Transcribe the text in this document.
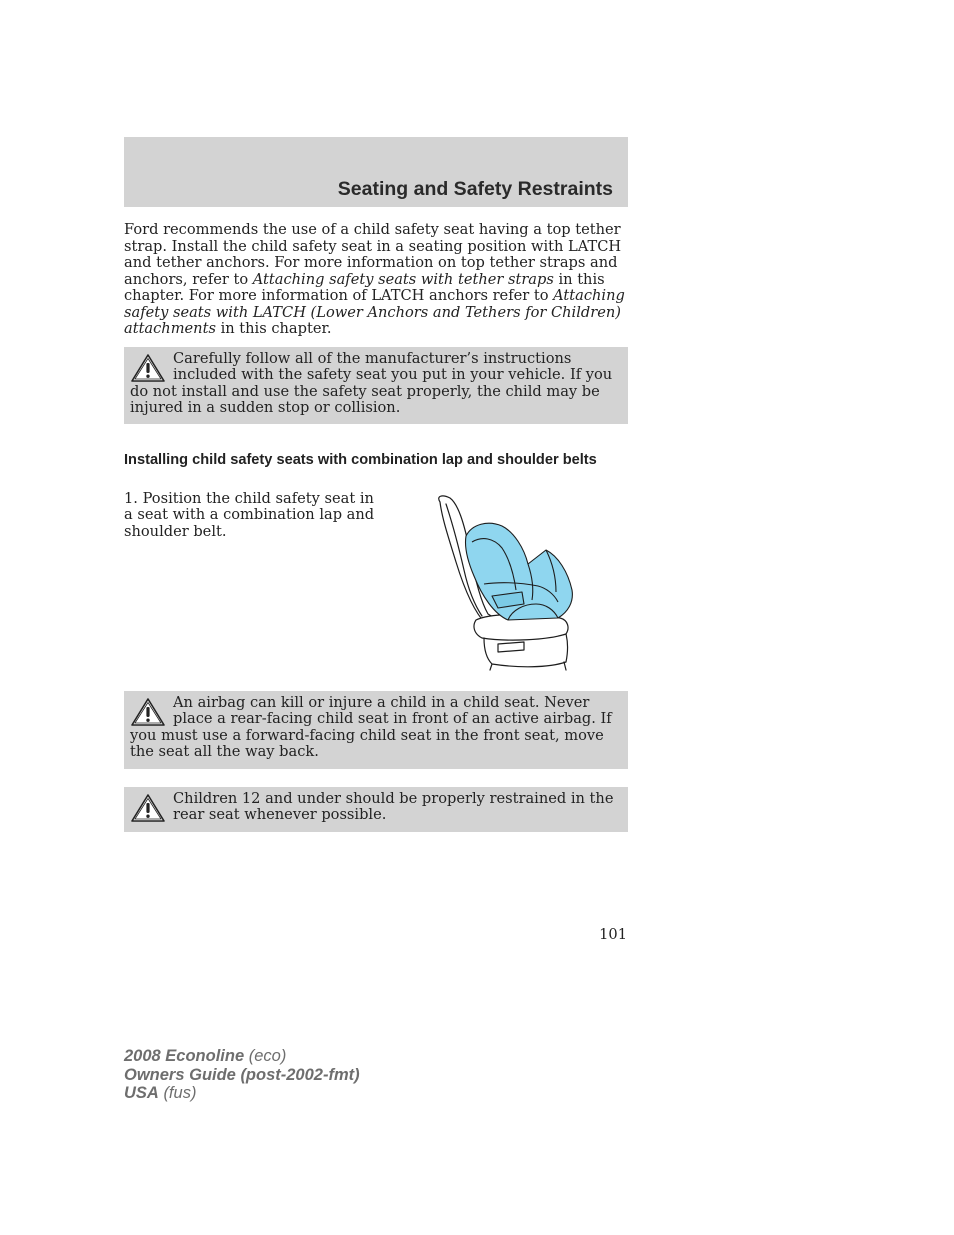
Seating and Safety Restraints

Ford recommends the use of a child safety seat having a top tether strap. Install the child safety seat in a seating position with LATCH and tether anchors. For more information on top tether straps and anchors, refer to Attaching safety seats with tether straps in this chapter. For more information of LATCH anchors refer to Attaching safety seats with LATCH (Lower Anchors and Tethers for Children) attachments in this chapter.

Carefully follow all of the manufacturer’s instructions included with the safety seat you put in your vehicle. If you do not install and use the safety seat properly, the child may be injured in a sudden stop or collision.

Installing child safety seats with combination lap and shoulder belts

1. Position the child safety seat in a seat with a combination lap and shoulder belt.

An airbag can kill or injure a child in a child seat. Never place a rear-facing child seat in front of an active airbag. If you must use a forward-facing child seat in the front seat, move the seat all the way back.

Children 12 and under should be properly restrained in the rear seat whenever possible.

101
2008 Econoline (eco)
Owners Guide (post-2002-fmt)
USA (fus)
